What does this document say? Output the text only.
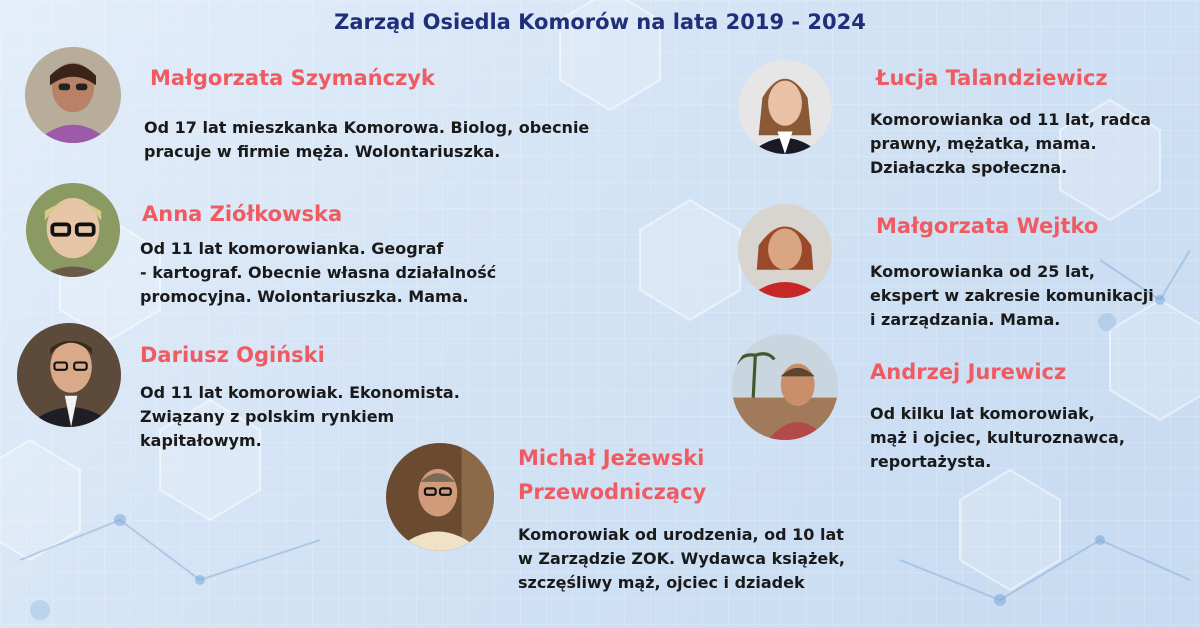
Zarząd Osiedla Komorów na lata 2019 - 2024
Małgorzata Szymańczyk
Od 17 lat mieszkanka Komorowa. Biolog, obecnie
pracuje w firmie męża. Wolontariuszka.
Anna Ziółkowska
Od 11 lat komorowianka. Geograf
- kartograf. Obecnie własna działalność
promocyjna. Wolontariuszka. Mama.
Dariusz Ogiński
Od 11 lat komorowiak. Ekonomista.
Związany z polskim rynkiem
kapitałowym.
Łucja Talandziewicz
Komorowianka od 11 lat, radca
prawny, mężatka, mama.
Działaczka społeczna.
Małgorzata Wejtko
Komorowianka od 25 lat,
ekspert w zakresie komunikacji
i zarządzania. Mama.
Andrzej Jurewicz
Od kilku lat komorowiak,
mąż i ojciec, kulturoznawca,
reportażysta.
Michał Jeżewski
Przewodniczący
Komorowiak od urodzenia, od 10 lat
w Zarządzie ZOK. Wydawca książek,
szczęśliwy mąż, ojciec i dziadek
